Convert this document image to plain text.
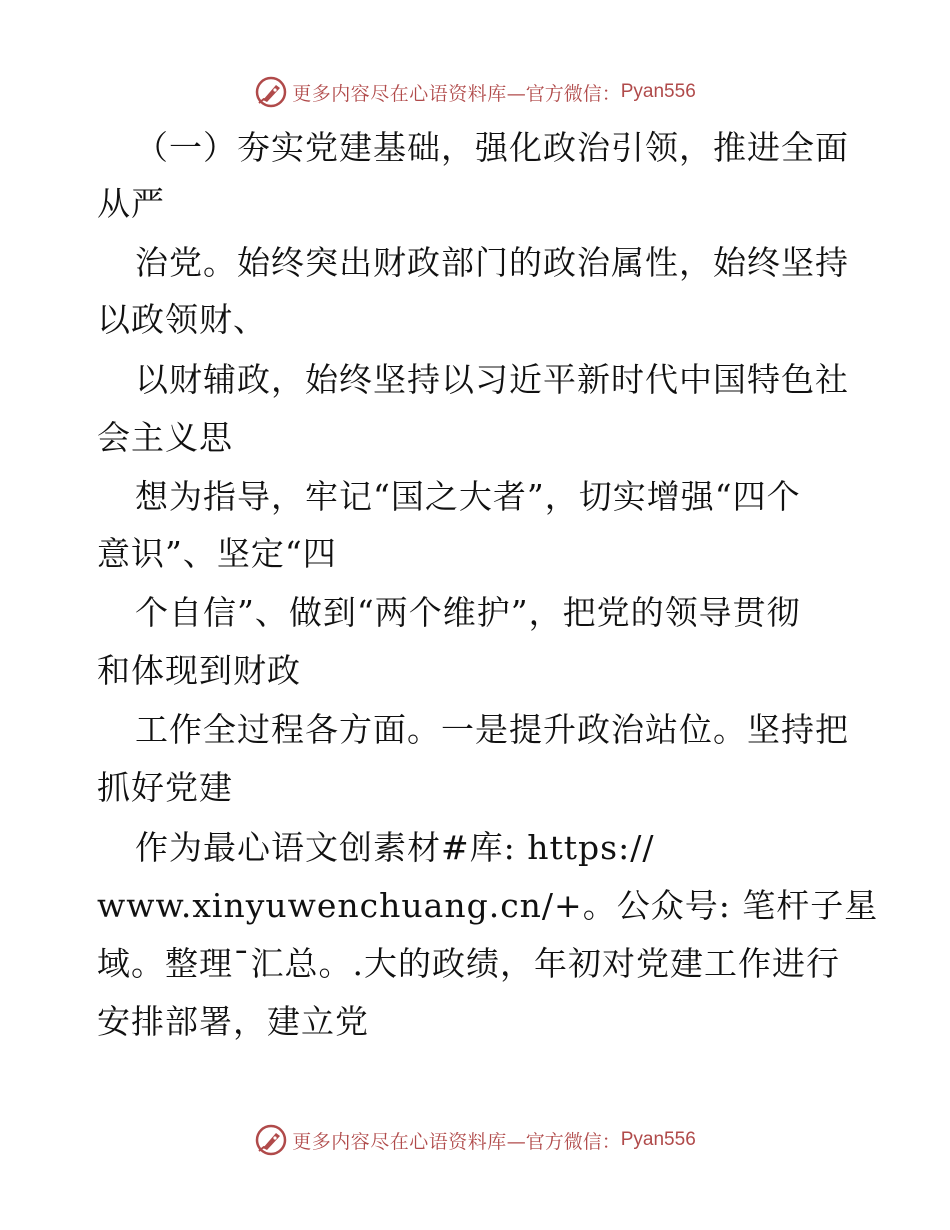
更多内容尽在心语资料库 —官方微信： Pyan556
（一）夯实党建基础，强化政治引领，推进全面
从严
治党。始终突出财政部门的政治属性，始终坚持
以政领财、
以财辅政，始终坚持以习近平新时代中国特色社
会主义思
想为指导，牢记“国之大者”，切实增强“四个
意识”、坚定“四
个自信”、做到“两个维护”，把党的领导贯彻
和体现到财政
工作全过程各方面。一是提升政治站位。坚持把
抓好党建
作为最心语文创素材#库: https://
www.xinyuwenchuang.cn/+。公众号: 笔杆子星
域。整理¯汇总。.大的政绩，年初对党建工作进行
安排部署，建立党
更多内容尽在心语资料库 —官方微信： Pyan556
